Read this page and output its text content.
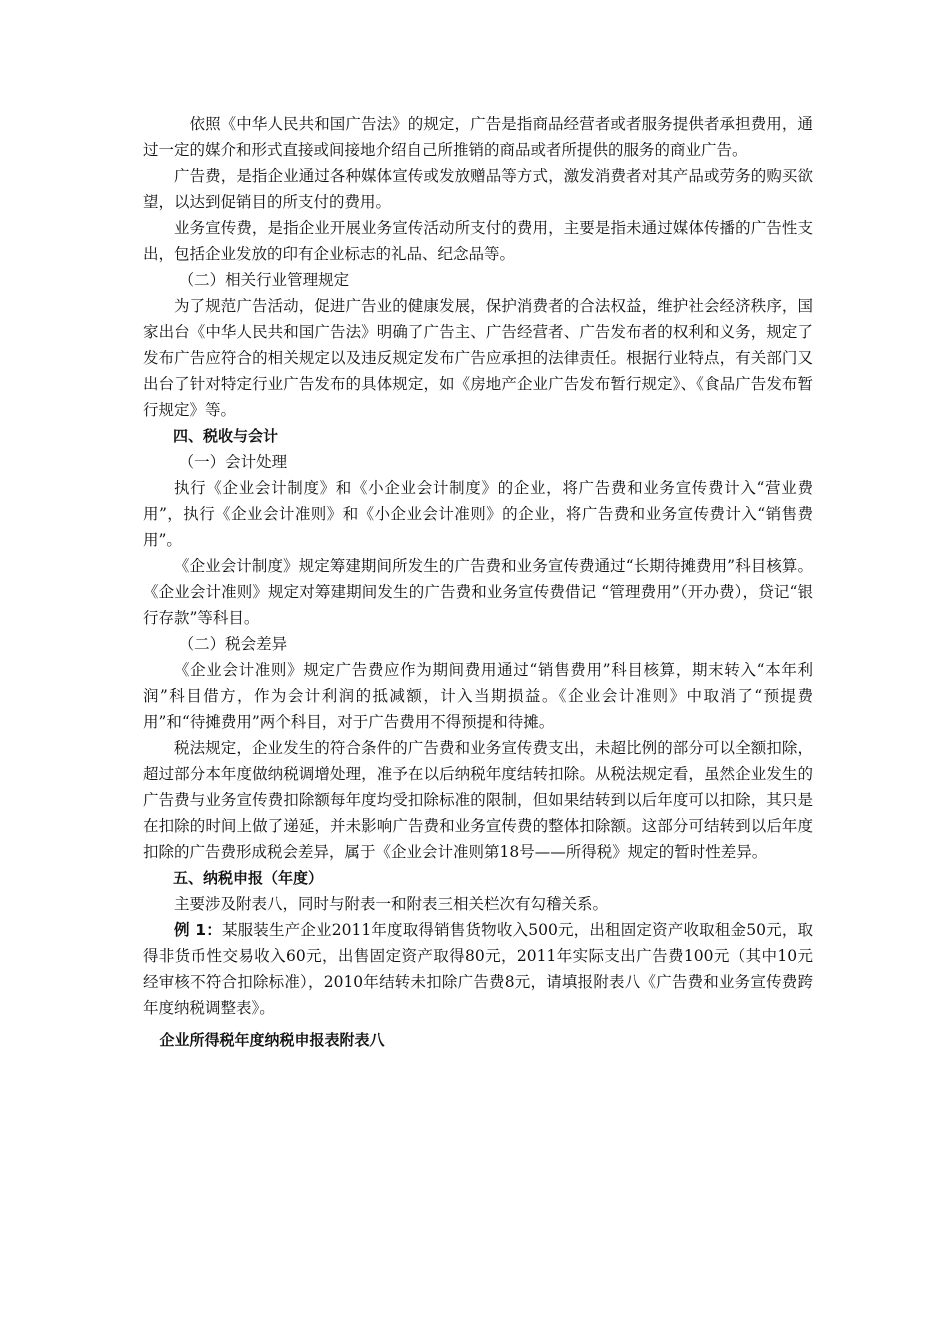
依照《中华人民共和国广告法》的规定，广告是指商品经营者或者服务提供者承担费用，通过一定的媒介和形式直接或间接地介绍自己所推销的商品或者所提供的服务的商业广告。

广告费，是指企业通过各种媒体宣传或发放赠品等方式，激发消费者对其产品或劳务的购买欲望，以达到促销目的所支付的费用。

业务宣传费，是指企业开展业务宣传活动所支付的费用，主要是指未通过媒体传播的广告性支出，包括企业发放的印有企业标志的礼品、纪念品等。

（二）相关行业管理规定

为了规范广告活动，促进广告业的健康发展，保护消费者的合法权益，维护社会经济秩序，国家出台《中华人民共和国广告法》明确了广告主、广告经营者、广告发布者的权利和义务，规定了发布广告应符合的相关规定以及违反规定发布广告应承担的法律责任。根据行业特点，有关部门又出台了针对特定行业广告发布的具体规定，如《房地产企业广告发布暂行规定》、《食品广告发布暂行规定》等。

四、税收与会计

（一）会计处理

执行《企业会计制度》和《小企业会计制度》的企业，将广告费和业务宣传费计入“营业费用”，执行《企业会计准则》和《小企业会计准则》的企业，将广告费和业务宣传费计入“销售费用”。

《企业会计制度》规定筹建期间所发生的广告费和业务宣传费通过“长期待摊费用”科目核算。《企业会计准则》规定对筹建期间发生的广告费和业务宣传费借记 “管理费用”（开办费），贷记“银行存款”等科目。

（二）税会差异

《企业会计准则》规定广告费应作为期间费用通过“销售费用”科目核算，期末转入“本年利润”科目借方，作为会计利润的抵减额，计入当期损益。《企业会计准则》中取消了“预提费用”和“待摊费用”两个科目，对于广告费用不得预提和待摊。

税法规定，企业发生的符合条件的广告费和业务宣传费支出，未超比例的部分可以全额扣除，超过部分本年度做纳税调增处理，准予在以后纳税年度结转扣除。从税法规定看，虽然企业发生的广告费与业务宣传费扣除额每年度均受扣除标准的限制，但如果结转到以后年度可以扣除，其只是在扣除的时间上做了递延，并未影响广告费和业务宣传费的整体扣除额。这部分可结转到以后年度扣除的广告费形成税会差异，属于《企业会计准则第18号——所得税》规定的暂时性差异。

五、纳税申报（年度）

主要涉及附表八，同时与附表一和附表三相关栏次有勾稽关系。

例 1：某服装生产企业2011年度取得销售货物收入500元，出租固定资产收取租金50元，取得非货币性交易收入60元，出售固定资产取得80元，2011年实际支出广告费100元（其中10元经审核不符合扣除标准），2010年结转未扣除广告费8元，请填报附表八《广告费和业务宣传费跨年度纳税调整表》。

企业所得税年度纳税申报表附表八
